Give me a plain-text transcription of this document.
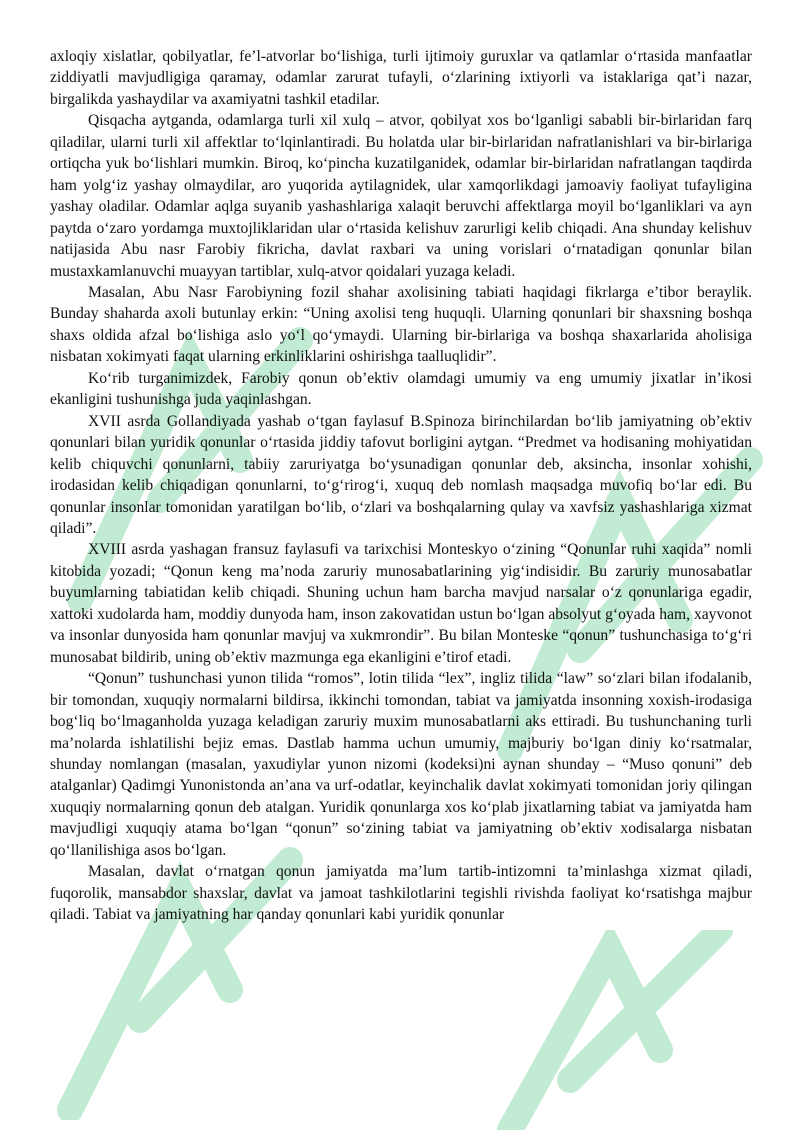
axloqiy xislatlar, qobilyatlar, fe’l-atvorlar bo‘lishiga, turli ijtimoiy guruxlar va qatlamlar o‘rtasida manfaatlar ziddiyatli mavjudligiga qaramay, odamlar zarurat tufayli, o‘zlarining ixtiyorli va istaklariga qat’i nazar, birgalikda yashaydilar va axamiyatni tashkil etadilar.

Qisqacha aytganda, odamlarga turli xil xulq – atvor, qobilyat xos bo‘lganligi sababli bir-birlaridan farq qiladilar, ularni turli xil affektlar to‘lqinlantiradi. Bu holatda ular bir-birlaridan nafratlanishlari va bir-birlariga ortiqcha yuk bo‘lishlari mumkin. Biroq, ko‘pincha kuzatilganidek, odamlar bir-birlaridan nafratlangan taqdirda ham yolg‘iz yashay olmaydilar, aro yuqorida aytilagnidek, ular xamqorlikdagi jamoaviy faoliyat tufayligina yashay oladilar. Odamlar aqlga suyanib yashashlariga xalaqit beruvchi affektlarga moyil bo‘lganliklari va ayn paytda o‘zaro yordamga muxtojliklaridan ular o‘rtasida kelishuv zarurligi kelib chiqadi. Ana shunday kelishuv natijasida Abu nasr Farobiy fikricha, davlat raxbari va uning vorislari o‘rnatadigan qonunlar bilan mustaxkamlanuvchi muayyan tartiblar, xulq-atvor qoidalari yuzaga keladi.

Masalan, Abu Nasr Farobiyning fozil shahar axolisining tabiati haqidagi fikrlarga e’tibor beraylik. Bunday shaharda axoli butunlay erkin: “Uning axolisi teng huquqli. Ularning qonunlari bir shaxsning boshqa shaxs oldida afzal bo‘lishiga aslo yo‘l qo‘ymaydi. Ularning bir-birlariga va boshqa shaxarlarida aholisiga nisbatan xokimyati faqat ularning erkinliklarini oshirishga taalluqlidir”.

Ko‘rib turganimizdek, Farobiy qonun ob’ektiv olamdagi umumiy va eng umumiy jixatlar in’ikosi ekanligini tushunishga juda yaqinlashgan.

XVII asrda Gollandiyada yashab o‘tgan faylasuf B.Spinoza birinchilardan bo‘lib jamiyatning ob’ektiv qonunlari bilan yuridik qonunlar o‘rtasida jiddiy tafovut borligini aytgan. “Predmet va hodisaning mohiyatidan kelib chiquvchi qonunlarni, tabiiy zaruriyatga bo‘ysunadigan qonunlar deb, aksincha, insonlar xohishi, irodasidan kelib chiqadigan qonunlarni, to‘g‘rirog‘i, xuquq deb nomlash maqsadga muvofiq bo‘lar edi. Bu qonunlar insonlar tomonidan yaratilgan bo‘lib, o‘zlari va boshqalarning qulay va xavfsiz yashashlariga xizmat qiladi”.

XVIII asrda yashagan fransuz faylasufi va tarixchisi Monteskyo o‘zining “Qonunlar ruhi xaqida” nomli kitobida yozadi; “Qonun keng ma’noda zaruriy munosabatlarining yig‘indisidir. Bu zaruriy munosabatlar buyumlarning tabiatidan kelib chiqadi. Shuning uchun ham barcha mavjud narsalar o‘z qonunlariga egadir, xattoki xudolarda ham, moddiy dunyoda ham, inson zakovatidan ustun bo‘lgan absolyut g‘oyada ham, xayvonot va insonlar dunyosida ham qonunlar mavjuj va xukmrondir”. Bu bilan Monteske “qonun” tushunchasiga to‘g‘ri munosabat bildirib, uning ob’ektiv mazmunga ega ekanligini e’tirof etadi.

“Qonun” tushunchasi yunon tilida “romos”, lotin tilida “lex”, ingliz tilida “law” so‘zlari bilan ifodalanib, bir tomondan, xuquqiy normalarni bildirsa, ikkinchi tomondan, tabiat va jamiyatda insonning xoxish-irodasiga bog‘liq bo‘lmaganholda yuzaga keladigan zaruriy muxim munosabatlarni aks ettiradi. Bu tushunchaning turli ma’nolarda ishlatilishi bejiz emas. Dastlab hamma uchun umumiy, majburiy bo‘lgan diniy ko‘rsatmalar, shunday nomlangan (masalan, yaxudiylar yunon nizomi (kodeksi)ni aynan shunday – “Muso qonuni” deb atalganlar) Qadimgi Yunonistonda an’ana va urf-odatlar, keyinchalik davlat xokimyati tomonidan joriy qilingan xuquqiy normalarning qonun deb atalgan. Yuridik qonunlarga xos ko‘plab jixatlarning tabiat va jamiyatda ham mavjudligi xuquqiy atama bo‘lgan “qonun” so‘zining tabiat va jamiyatning ob’ektiv xodisalarga nisbatan qo‘llanilishiga asos bo‘lgan.

Masalan, davlat o‘rnatgan qonun jamiyatda ma’lum tartib-intizomni ta’minlashga xizmat qiladi, fuqorolik, mansabdor shaxslar, davlat va jamoat tashkilotlarini tegishli rivishda faoliyat ko‘rsatishga majbur qiladi. Tabiat va jamiyatning har qanday qonunlari kabi yuridik qonunlar
